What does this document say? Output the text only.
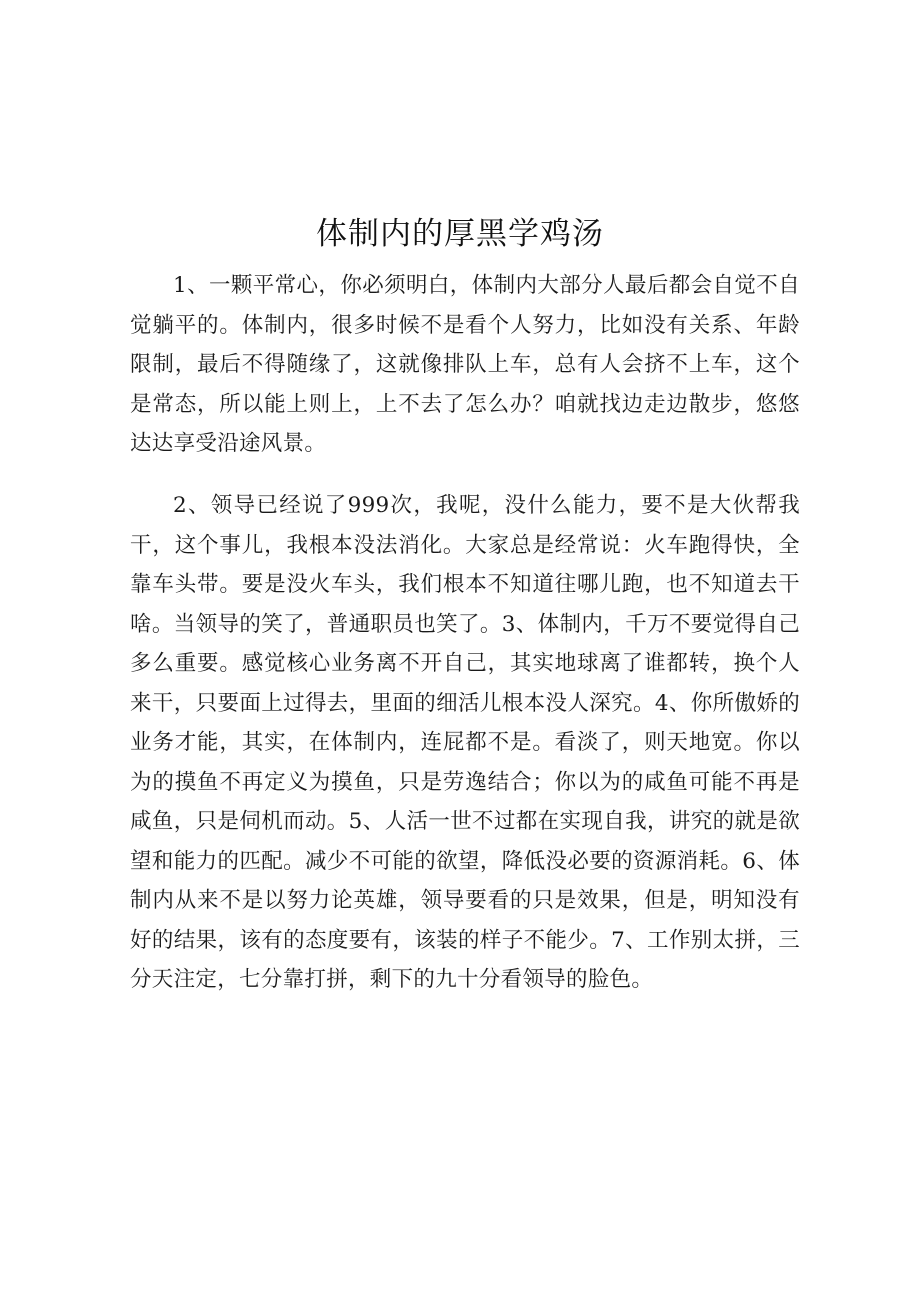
体制内的厚黑学鸡汤

1、一颗平常心，你必须明白，体制内大部分人最后都会自觉不自觉躺平的。体制内，很多时候不是看个人努力，比如没有关系、年龄限制，最后不得随缘了，这就像排队上车，总有人会挤不上车，这个是常态，所以能上则上，上不去了怎么办？咱就找边走边散步，悠悠达达享受沿途风景。

2、领导已经说了999次，我呢，没什么能力，要不是大伙帮我干，这个事儿，我根本没法消化。大家总是经常说：火车跑得快，全靠车头带。要是没火车头，我们根本不知道往哪儿跑，也不知道去干啥。当领导的笑了，普通职员也笑了。3、体制内，千万不要觉得自己多么重要。感觉核心业务离不开自己，其实地球离了谁都转，换个人来干，只要面上过得去，里面的细活儿根本没人深究。4、你所傲娇的业务才能，其实，在体制内，连屁都不是。看淡了，则天地宽。你以为的摸鱼不再定义为摸鱼，只是劳逸结合；你以为的咸鱼可能不再是咸鱼，只是伺机而动。5、人活一世不过都在实现自我，讲究的就是欲望和能力的匹配。减少不可能的欲望，降低没必要的资源消耗。6、体制内从来不是以努力论英雄，领导要看的只是效果，但是，明知没有好的结果，该有的态度要有，该装的样子不能少。7、工作别太拼，三分天注定，七分靠打拼，剩下的九十分看领导的脸色。
